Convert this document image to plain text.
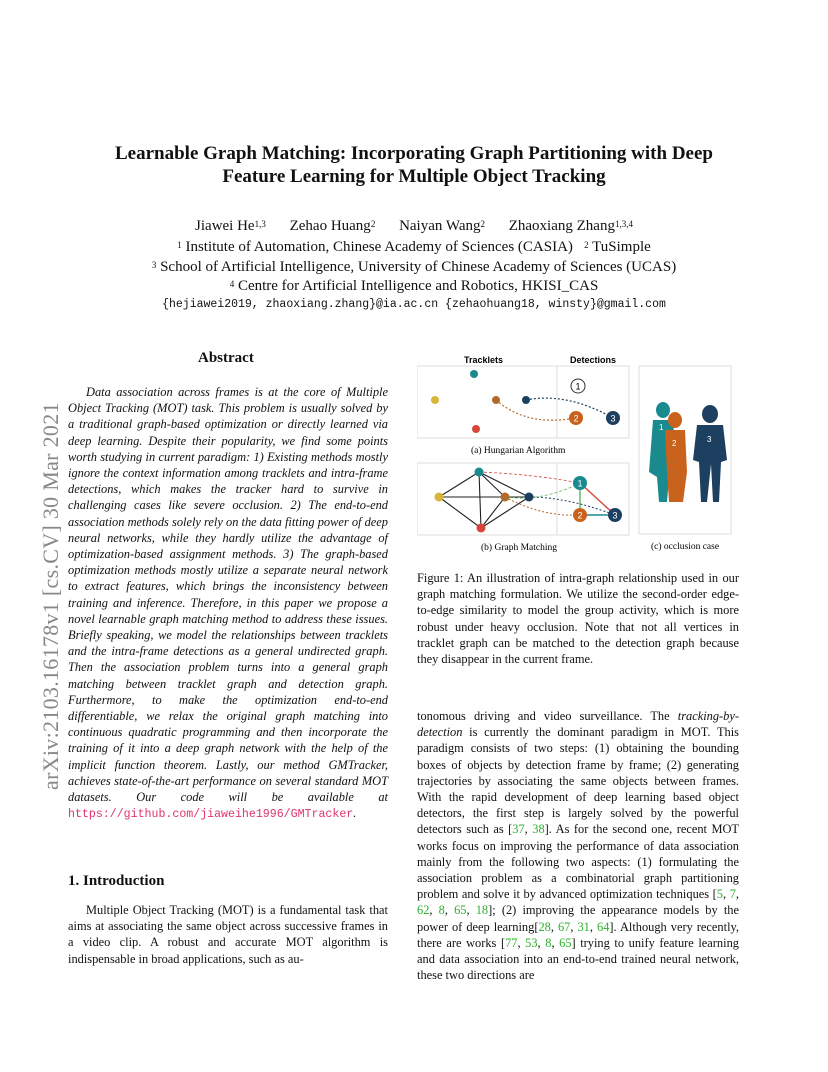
Learnable Graph Matching: Incorporating Graph Partitioning with Deep
Feature Learning for Multiple Object Tracking
Jiawei He$^{1,3}$ Zehao Huang$^2$ Naiyan Wang$^2$ Zhaoxiang Zhang$^{1,3,4}$
$^1$ Institute of Automation, Chinese Academy of Sciences (CASIA) $^2$ TuSimple
$^3$ School of Artificial Intelligence, University of Chinese Academy of Sciences (UCAS)
$^4$ Centre for Artificial Intelligence and Robotics, HKISI_CAS
{hejiawei2019, zhaoxiang.zhang}@ia.ac.cn {zehaohuang18, winsty}@gmail.com
arXiv:2103.16178v1 [cs.CV] 30 Mar 2021
Abstract

Data association across frames is at the core of Multiple Object Tracking (MOT) task. This problem is usually solved by a traditional graph-based optimization or directly learned via deep learning. Despite their popularity, we find some points worth studying in current paradigm: 1) Existing methods mostly ignore the context information among tracklets and intra-frame detections, which makes the tracker hard to survive in challenging cases like severe occlusion. 2) The end-to-end association methods solely rely on the data fitting power of deep neural networks, while they hardly utilize the advantage of optimization-based assignment methods. 3) The graph-based optimization methods mostly utilize a separate neural network to extract features, which brings the inconsistency between training and inference. Therefore, in this paper we propose a novel learnable graph matching method to address these issues. Briefly speaking, we model the relationships between tracklets and the intra-frame detections as a general undirected graph. Then the association problem turns into a general graph matching between tracklet graph and detection graph. Furthermore, to make the optimization end-to-end differentiable, we relax the original graph matching into continuous quadratic programming and then incorporate the training of it into a deep graph network with the help of the implicit function theorem. Lastly, our method GMTracker, achieves state-of-the-art performance on several standard MOT datasets. Our code will be available at https://github.com/jiaweihe1996/GMTracker.

1. Introduction

Multiple Object Tracking (MOT) is a fundamental task that aims at associating the same object across successive frames in a video clip. A robust and accurate MOT algorithm is indispensable in broad applications, such as au-

Tracklets	Detections
1
2	3
(a) Hungarian Algorithm
1
2	3
(b) Graph Matching
1
2	3
(c) occlusion case
Figure 1: An illustration of intra-graph relationship used in our graph matching formulation. We utilize the second-order edge-to-edge similarity to model the group activity, which is more robust under heavy occlusion. Note that not all vertices in tracklet graph can be matched to the detection graph because they disappear in the current frame.

tonomous driving and video surveillance. The tracking-by-detection is currently the dominant paradigm in MOT. This paradigm consists of two steps: (1) obtaining the bounding boxes of objects by detection frame by frame; (2) generating trajectories by associating the same objects between frames. With the rapid development of deep learning based object detectors, the first step is largely solved by the powerful detectors such as [37, 38]. As for the second one, recent MOT works focus on improving the performance of data association mainly from the following two aspects: (1) formulating the association problem as a combinatorial graph partitioning problem and solve it by advanced optimization techniques [5, 7, 62, 8, 65, 18]; (2) improving the appearance models by the power of deep learning[28, 67, 31, 64]. Although very recently, there are works [77, 53, 8, 65] trying to unify feature learning and data association into an end-to-end trained neural network, these two directions are
